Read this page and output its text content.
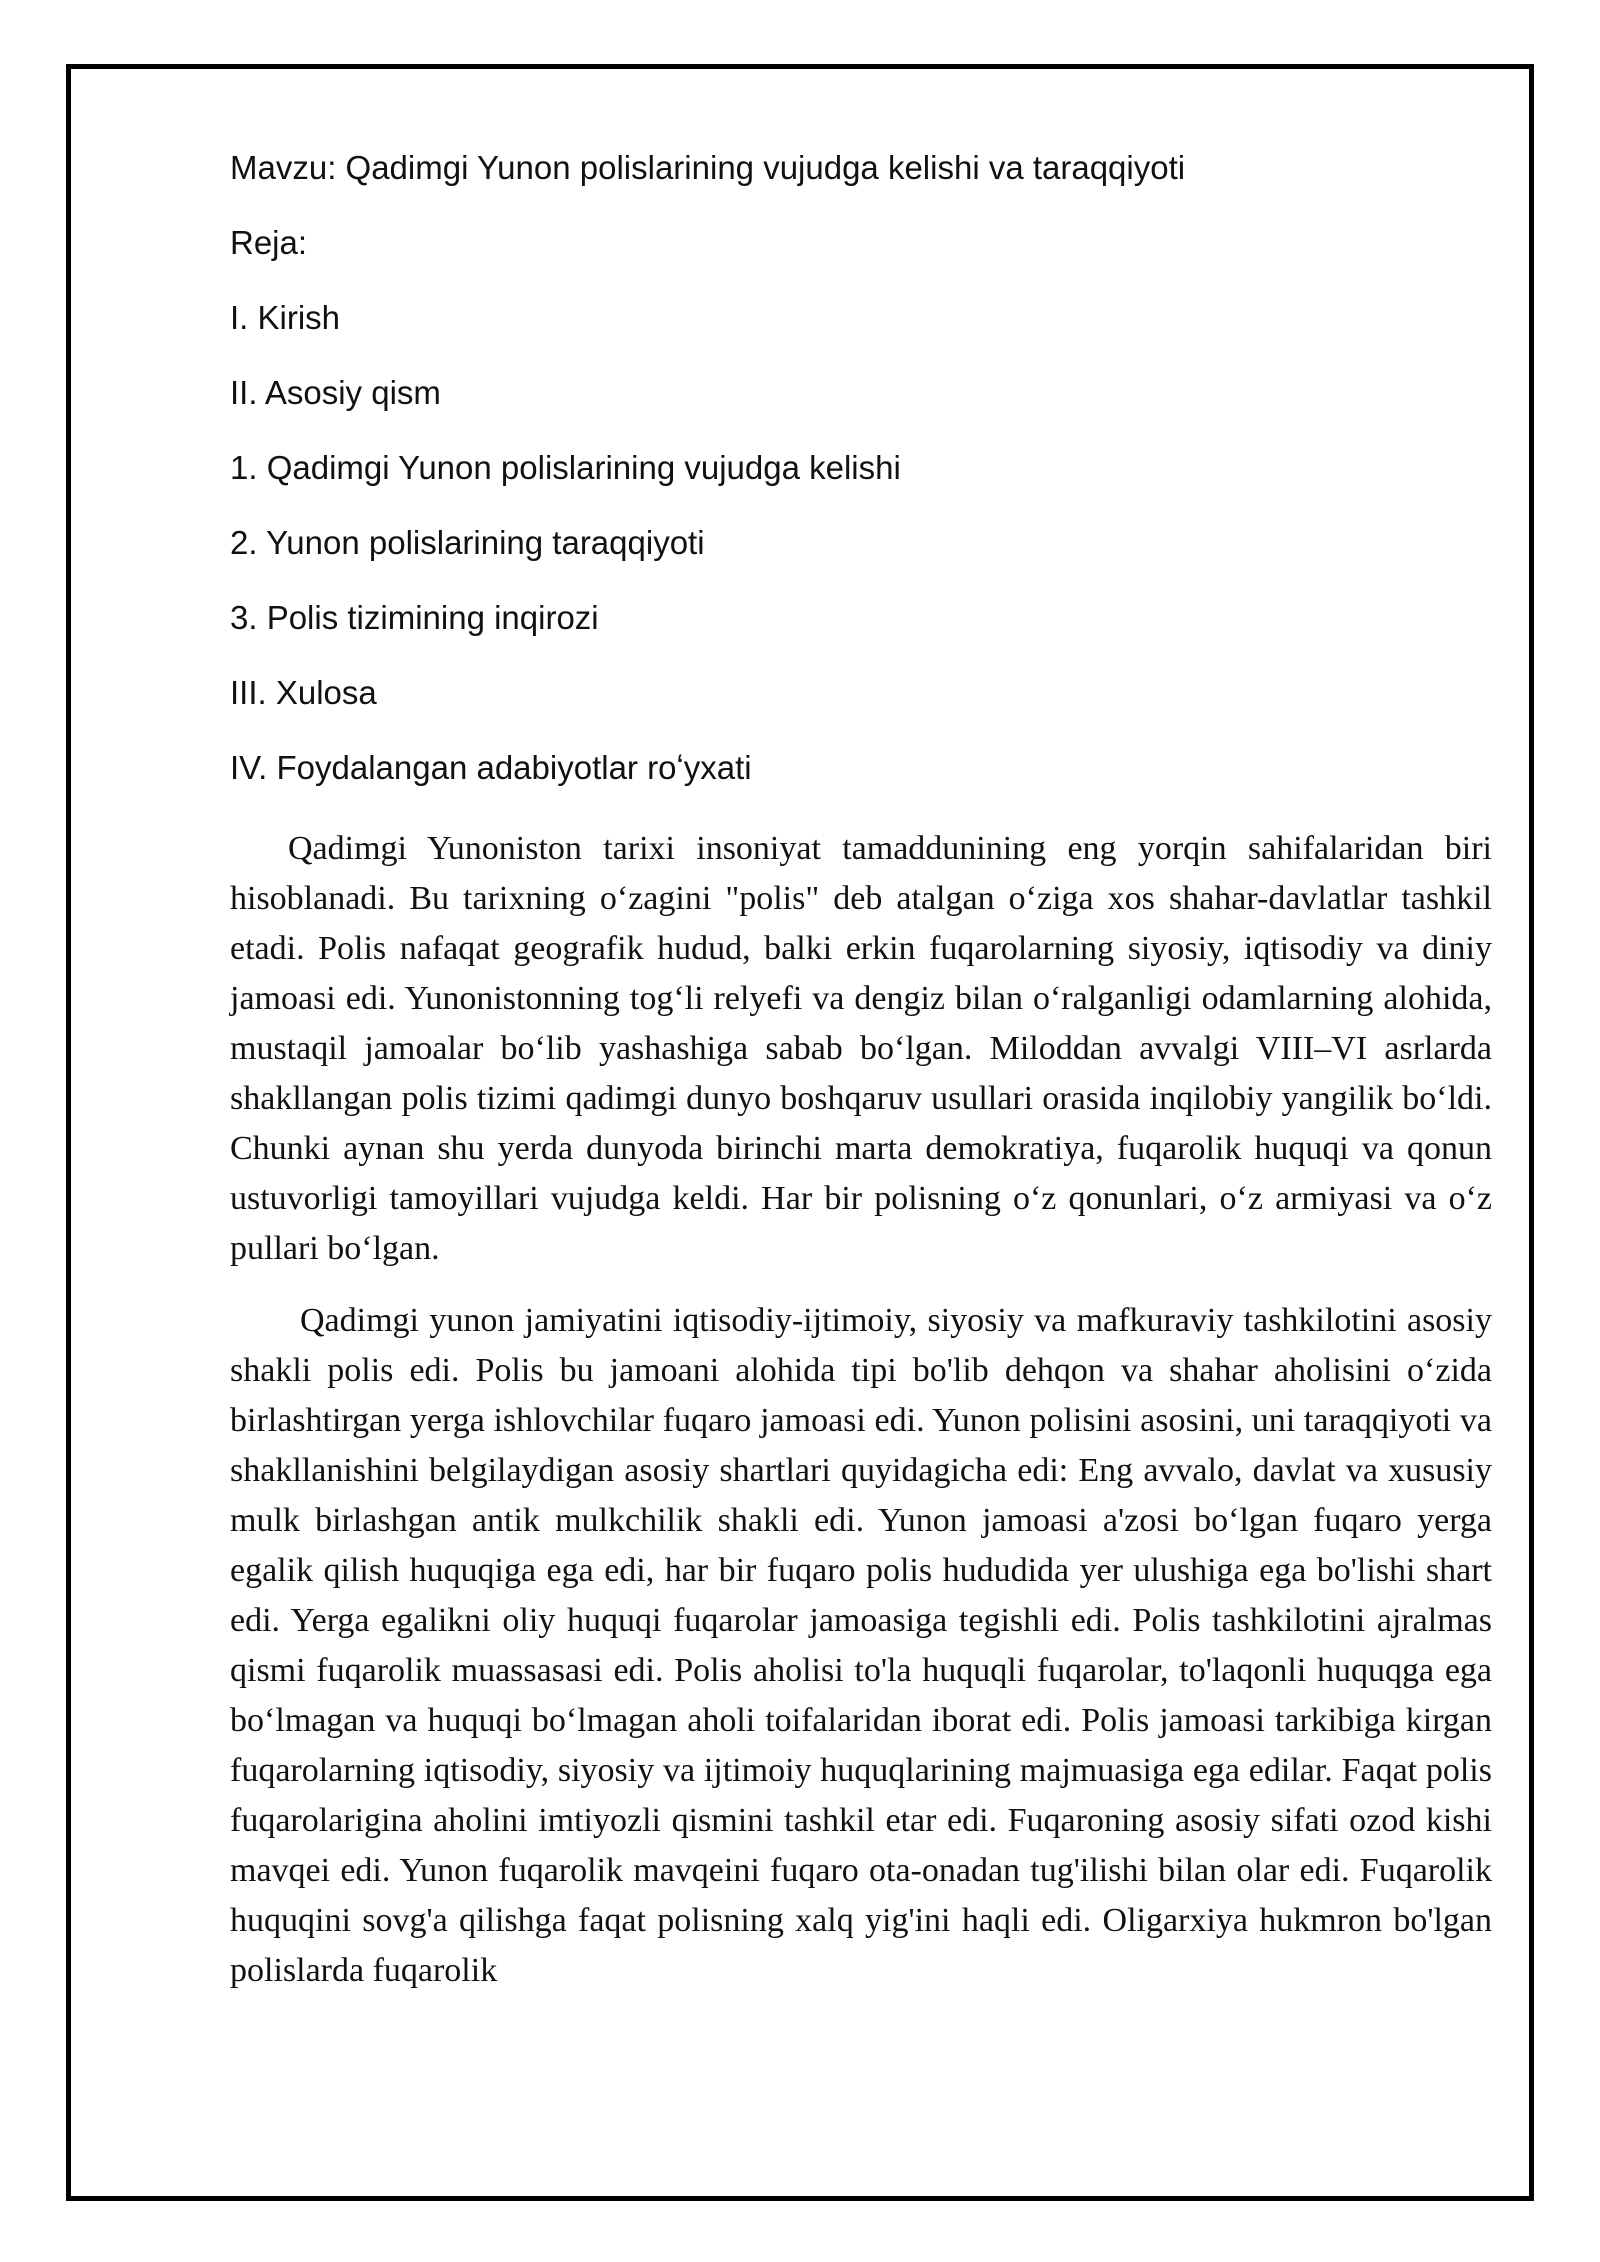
Mavzu: Qadimgi Yunon polislarining vujudga kelishi va taraqqiyoti
Reja:
I. Kirish
II. Asosiy qism
1. Qadimgi Yunon polislarining vujudga kelishi
2. Yunon polislarining taraqqiyoti
3. Polis tizimining inqirozi
III. Xulosa
IV. Foydalangan adabiyotlar roʻyxati

Qadimgi Yunoniston tarixi insoniyat tamaddunining eng yorqin sahifalaridan biri hisoblanadi. Bu tarixning oʻzagini "polis" deb atalgan oʻziga xos shahar-davlatlar tashkil etadi. Polis nafaqat geografik hudud, balki erkin fuqarolarning siyosiy, iqtisodiy va diniy jamoasi edi. Yunonistonning togʻli relyefi va dengiz bilan oʻralganligi odamlarning alohida, mustaqil jamoalar boʻlib yashashiga sabab boʻlgan. Miloddan avvalgi VIII–VI asrlarda shakllangan polis tizimi qadimgi dunyo boshqaruv usullari orasida inqilobiy yangilik boʻldi. Chunki aynan shu yerda dunyoda birinchi marta demokratiya, fuqarolik huquqi va qonun ustuvorligi tamoyillari vujudga keldi. Har bir polisning oʻz qonunlari, oʻz armiyasi va oʻz pullari boʻlgan.

Qadimgi yunon jamiyatini iqtisodiy-ijtimoiy, siyosiy va mafkuraviy tashkilotini asosiy shakli polis edi. Polis bu jamoani alohida tipi bo'lib dehqon va shahar aholisini oʻzida birlashtirgan yerga ishlovchilar fuqaro jamoasi edi. Yunon polisini asosini, uni taraqqiyoti va shakllanishini belgilaydigan asosiy shartlari quyidagicha edi: Eng avvalo, davlat va xususiy mulk birlashgan antik mulkchilik shakli edi. Yunon jamoasi a'zosi boʻlgan fuqaro yerga egalik qilish huquqiga ega edi, har bir fuqaro polis hududida yer ulushiga ega bo'lishi shart edi. Yerga egalikni oliy huquqi fuqarolar jamoasiga tegishli edi. Polis tashkilotini ajralmas qismi fuqarolik muassasasi edi. Polis aholisi to'la huquqli fuqarolar, to'laqonli huquqga ega boʻlmagan va huquqi boʻlmagan aholi toifalaridan iborat edi. Polis jamoasi tarkibiga kirgan fuqarolarning iqtisodiy, siyosiy va ijtimoiy huquqlarining majmuasiga ega edilar. Faqat polis fuqarolarigina aholini imtiyozli qismini tashkil etar edi. Fuqaroning asosiy sifati ozod kishi mavqei edi. Yunon fuqarolik mavqeini fuqaro ota-onadan tug'ilishi bilan olar edi. Fuqarolik huquqini sovg'a qilishga faqat polisning xalq yig'ini haqli edi. Oligarxiya hukmron bo'lgan polislarda fuqarolik
